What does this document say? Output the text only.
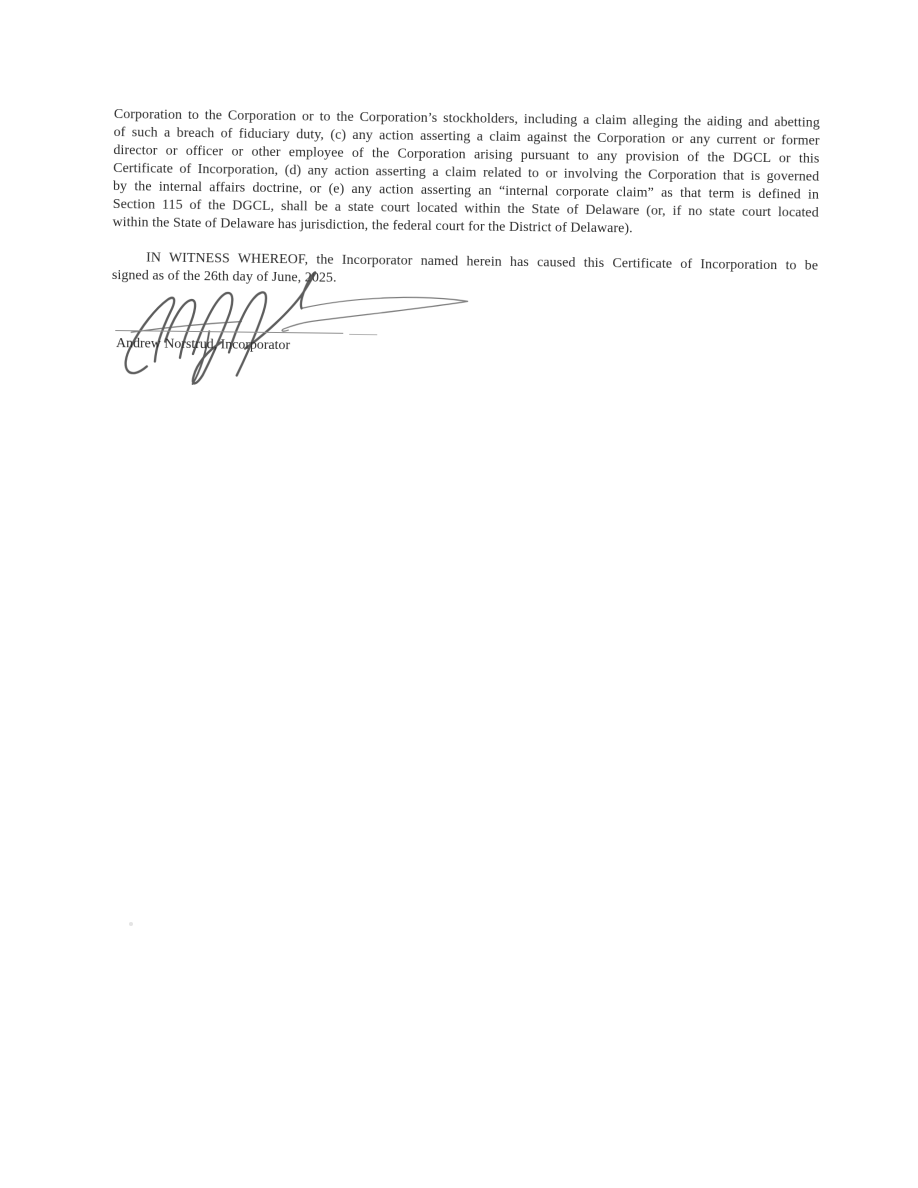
Corporation to the Corporation or to the Corporation’s stockholders, including a claim alleging the aiding and abetting
of such a breach of fiduciary duty, (c) any action asserting a claim against the Corporation or any current or former
director or officer or other employee of the Corporation arising pursuant to any provision of the DGCL or this
Certificate of Incorporation, (d) any action asserting a claim related to or involving the Corporation that is governed
by the internal affairs doctrine, or (e) any action asserting an “internal corporate claim” as that term is defined in
Section 115 of the DGCL, shall be a state court located within the State of Delaware (or, if no state court located
within the State of Delaware has jurisdiction, the federal court for the District of Delaware).
IN WITNESS WHEREOF, the Incorporator named herein has caused this Certificate of Incorporation to be
signed as of the 26th day of June, 2025.
Andrew Norstrud, Incorporator
